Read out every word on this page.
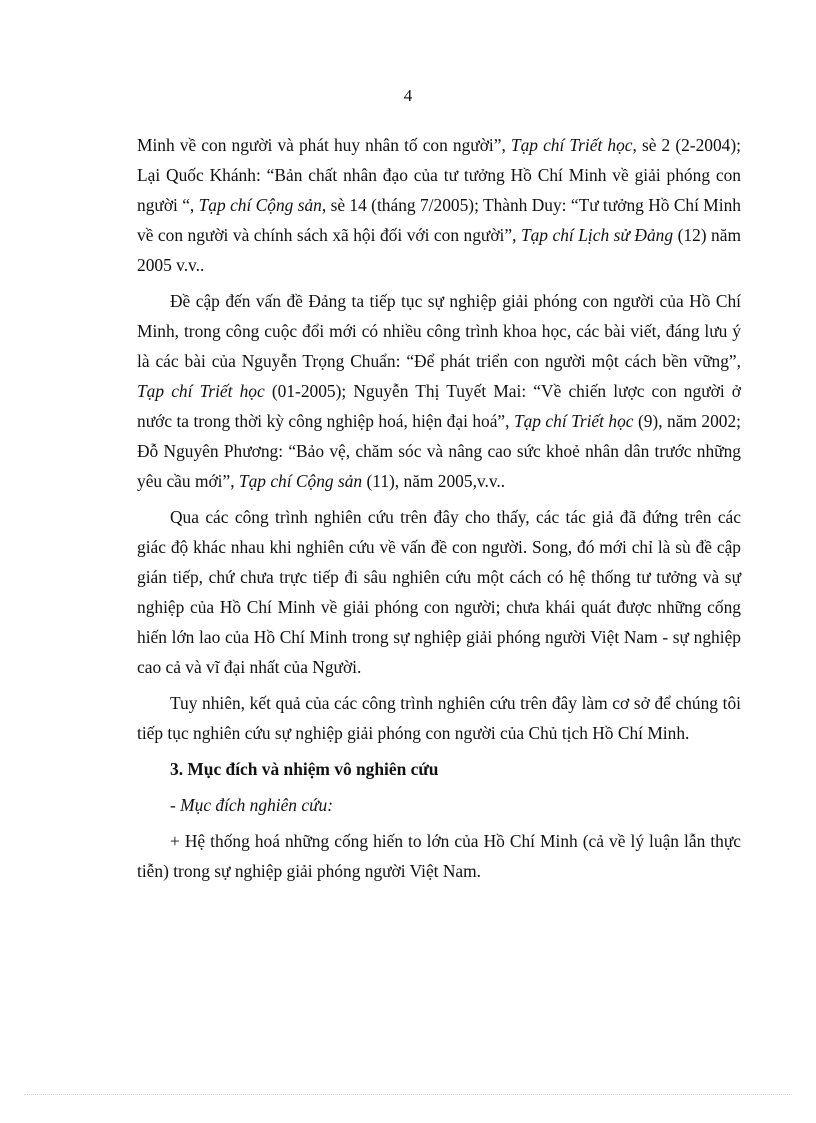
4

Minh về con người và phát huy nhân tố con người”, Tạp chí Triết học, sè 2 (2-2004); Lại Quốc Khánh: “Bản chất nhân đạo của tư tưởng Hồ Chí Minh về giải phóng con người “, Tạp chí Cộng sản, sè 14 (tháng 7/2005); Thành Duy: “Tư tưởng Hồ Chí Minh về con người và chính sách xã hội đối với con người”, Tạp chí Lịch sử Đảng (12) năm 2005 v.v..

Đề cập đến vấn đề Đảng ta tiếp tục sự nghiệp giải phóng con người của Hồ Chí Minh, trong công cuộc đổi mới có nhiều công trình khoa học, các bài viết, đáng lưu ý là các bài của Nguyễn Trọng Chuẩn: “Để phát triển con người một cách bền vững”, Tạp chí Triết học (01-2005); Nguyễn Thị Tuyết Mai: “Về chiến lược con người ở nước ta trong thời kỳ công nghiệp hoá, hiện đại hoá”, Tạp chí Triết học (9), năm 2002; Đỗ Nguyên Phương: “Bảo vệ, chăm sóc và nâng cao sức khoẻ nhân dân trước những yêu cầu mới”, Tạp chí Cộng sản (11), năm 2005,v.v..

Qua các công trình nghiên cứu trên đây cho thấy, các tác giả đã đứng trên các giác độ khác nhau khi nghiên cứu về vấn đề con người. Song, đó mới chỉ là sù đề cập gián tiếp, chứ chưa trực tiếp đi sâu nghiên cứu một cách có hệ thống tư tưởng và sự nghiệp của Hồ Chí Minh về giải phóng con người; chưa khái quát được những cống hiến lớn lao của Hồ Chí Minh trong sự nghiệp giải phóng người Việt Nam - sự nghiệp cao cả và vĩ đại nhất của Người.

Tuy nhiên, kết quả của các công trình nghiên cứu trên đây làm cơ sở để chúng tôi tiếp tục nghiên cứu sự nghiệp giải phóng con người của Chủ tịch Hồ Chí Minh.

3. Mục đích và nhiệm vô nghiên cứu

- Mục đích nghiên cứu:

+ Hệ thống hoá những cống hiến to lớn của Hồ Chí Minh (cả về lý luận lẫn thực tiễn) trong sự nghiệp giải phóng người Việt Nam.
